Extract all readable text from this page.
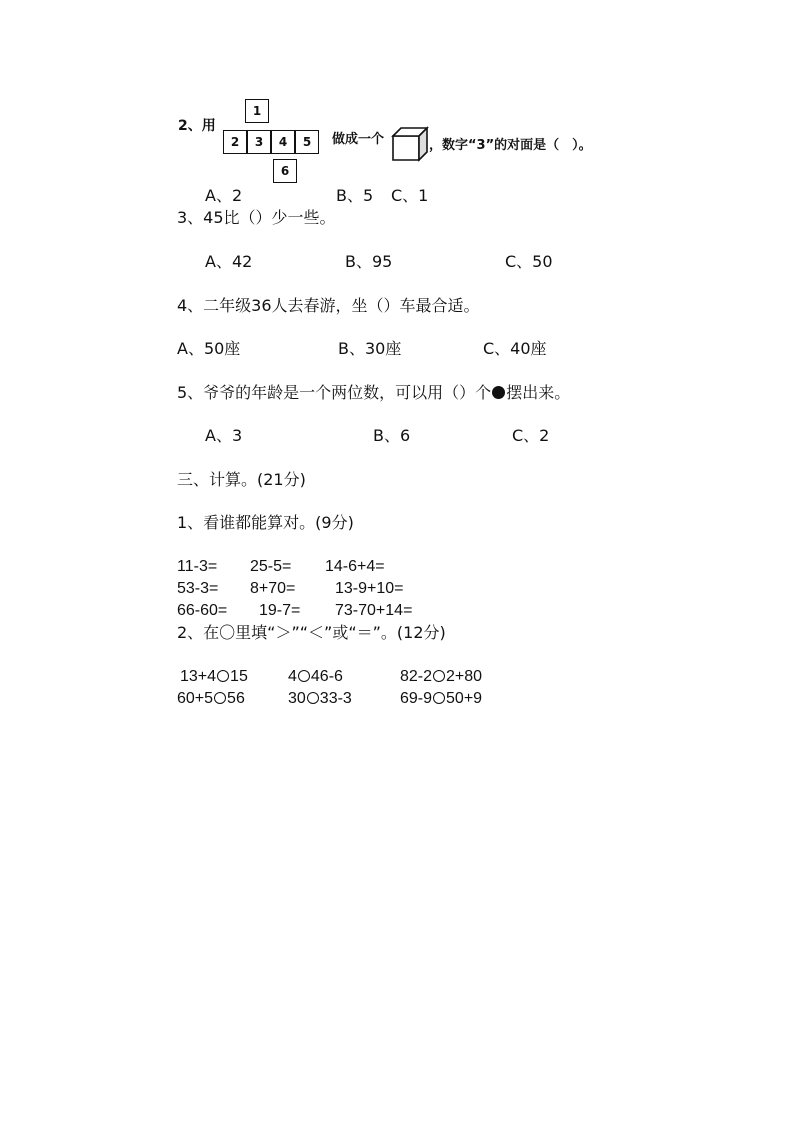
2、用
1
2	3	4	5
6
做成一个	，数字“3”的对面是（　）。
A、2	B、5 C、1
3、45比（）少一些。
A、42	B、95	C、50
4、二年级36人去春游，坐（）车最合适。
A、50座	B、30座	C、40座
5、爷爷的年龄是一个两位数，可以用（）个 摆出来。
A、3	B、6	C、2
三、计算。(21分)
1、看谁都能算对。(9分)
11-3= 25-5= 14-6+4=
53-3= 8+70= 13-9+10=
66-60= 19-7= 73-70+14=
2、在〇里填“＞”“＜”或“＝”。(12分)
13+4 15	4 46-6	82-2 2+80
60+5 56	30 33-3	69-9 50+9
